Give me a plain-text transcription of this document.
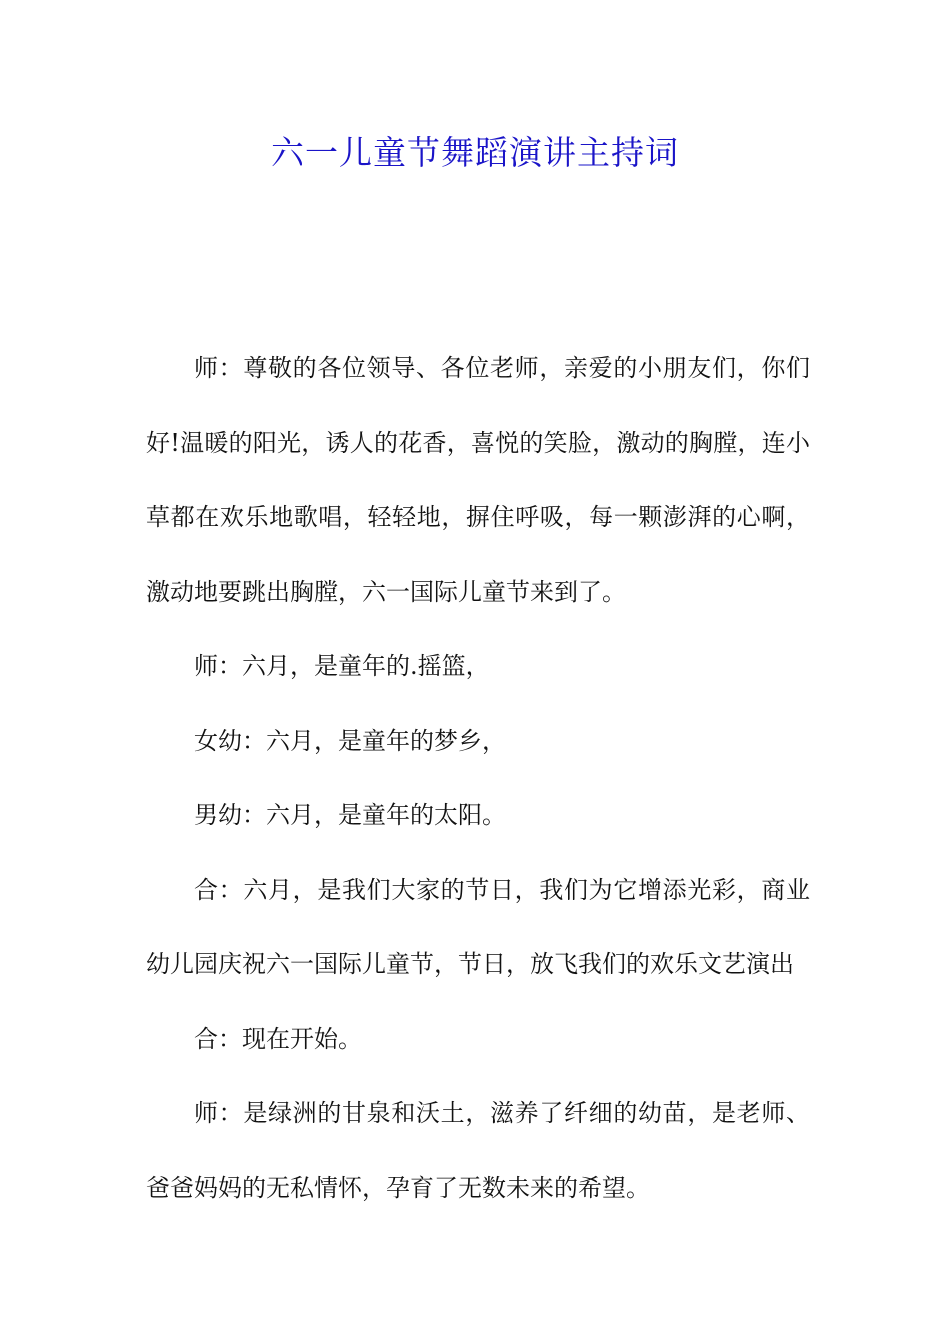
六一儿童节舞蹈演讲主持词

师：尊敬的各位领导、各位老师，亲爱的小朋友们，你们好!温暖的阳光，诱人的花香，喜悦的笑脸，激动的胸膛，连小草都在欢乐地歌唱，轻轻地，摒住呼吸，每一颗澎湃的心啊，激动地要跳出胸膛，六一国际儿童节来到了。

师：六月，是童年的.摇篮，

女幼：六月，是童年的梦乡，

男幼：六月，是童年的太阳。

合：六月，是我们大家的节日，我们为它增添光彩，商业幼儿园庆祝六一国际儿童节，节日，放飞我们的欢乐文艺演出

合：现在开始。

师：是绿洲的甘泉和沃土，滋养了纤细的幼苗，是老师、爸爸妈妈的无私情怀，孕育了无数未来的希望。
